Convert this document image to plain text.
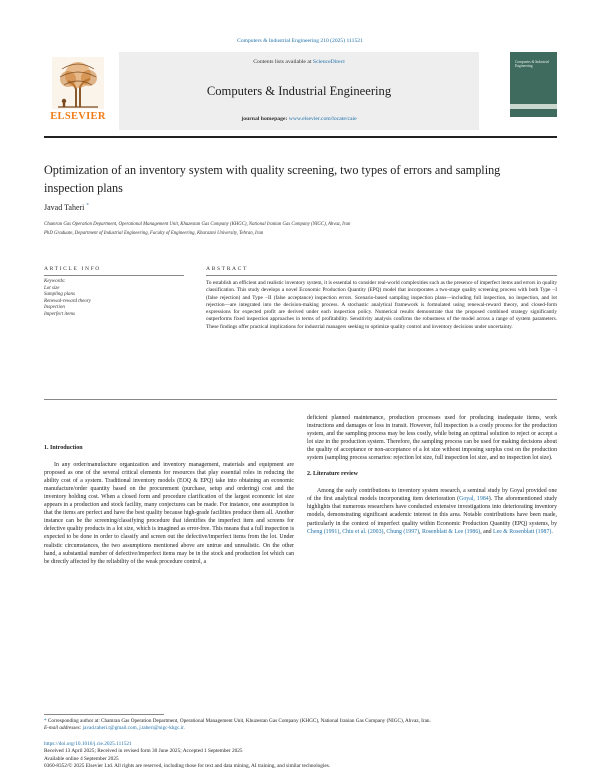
Computers & Industrial Engineering 210 (2025) 111521
ELSEVIER
Contents lists available at ScienceDirect
Computers & Industrial Engineering
journal homepage: www.elsevier.com/locate/caie
Computers & Industrial Engineering
Optimization of an inventory system with quality screening, two types of errors and sampling inspection plans
Javad Taheri *
Chamran Gas Operation Department, Operational Management Unit, Khuzestan Gas Company (KHGC), National Iranian Gas Company (NIGC), Ahvaz, Iran
PhD Graduate, Department of Industrial Engineering, Faculty of Engineering, Kharazmi University, Tehran, Iran
ARTICLE INFO	ABSTRACT
Keywords:
Lot size
Sampling plans
Renewal-reward theory
Inspection
Imperfect items
To establish an efficient and realistic inventory system, it is essential to consider real-world complexities such as the presence of imperfect items and errors in quality classification. This study develops a novel Economic Production Quantity (EPQ) model that incorporates a two-stage quality screening process with both Type −I (false rejection) and Type −II (false acceptance) inspection errors. Scenario-based sampling inspection plans—including full inspection, no inspection, and lot rejection—are integrated into the decision-making process. A stochastic analytical framework is formulated using renewal-reward theory, and closed-form expressions for expected profit are derived under each inspection policy. Numerical results demonstrate that the proposed combined strategy significantly outperforms fixed inspection approaches in terms of profitability. Sensitivity analysis confirms the robustness of the model across a range of system parameters. These findings offer practical implications for industrial managers seeking to optimize quality control and inventory decisions under uncertainty.
1. Introduction

In any order/manufacture organization and inventory management, materials and equipment are proposed as one of the several critical elements for resources that play essential roles in reducing the ability cost of a system. Traditional inventory models (EOQ & EPQ) take into obtaining an economic manufacture/order quantity based on the procurement (purchase, setup and ordering) cost and the inventory holding cost. When a closed form and procedure clarification of the largest economic lot size appears in a production and stock facility, many conjectures can be made. For instance, one assumption is that the items are perfect and have the best quality because high-grade facilities produce them all. Another instance can be the screening/classifying procedure that identifies the imperfect item and screens for defective quality products in a lot size, which is imagined as error-free. This means that a full inspection is expected to be done in order to classify and screen out the defective/imperfect items from the lot. Under realistic circumstances, the two assumptions mentioned above are untrue and unrealistic. On the other hand, a substantial number of defective/imperfect items may be in the stock and production lot which can be directly affected by the reliability of the weak procedure control, a

deficient planned maintenance, production processes used for producing inadequate items, work instructions and damages or loss in transit. However, full inspection is a costly process for the production system, and the sampling process may be less costly, while being an optimal solution to reject or accept a lot size in the production system. Therefore, the sampling process can be used for making decisions about the quality of acceptance or non-acceptance of a lot size without imposing surplus cost on the production system (sampling process scenarios: rejection lot size, full inspection lot size, and no inspection lot size).

2. Literature review

Among the early contributions to inventory system research, a seminal study by Goyal provided one of the first analytical models incorporating item deterioration (Goyal, 1984). The aforementioned study highlights that numerous researchers have conducted extensive investigations into deteriorating inventory models, demonstrating significant academic interest in this area. Notable contributions have been made, particularly in the context of imperfect quality within Economic Production Quantity (EPQ) systems, by Cheng (1991), Chiu et al. (2003), Chung (1997), Rosenblatt & Lee (1986), and Lee & Rosenblatt (1987).

* Corresponding author at: Chamran Gas Operation Department, Operational Management Unit, Khuzestan Gas Company (KHGC), National Iranian Gas Company (NIGC), Ahvaz, Iran.
E-mail addresses: javad.taheri.t@gmail.com, j.taheri@nigc-khgc.ir.
https://doi.org/10.1016/j.cie.2025.111521
Received 13 April 2025; Received in revised form 30 June 2025; Accepted 1 September 2025
Available online 4 September 2025
0360-8352/© 2025 Elsevier Ltd. All rights are reserved, including those for text and data mining, AI training, and similar technologies.
